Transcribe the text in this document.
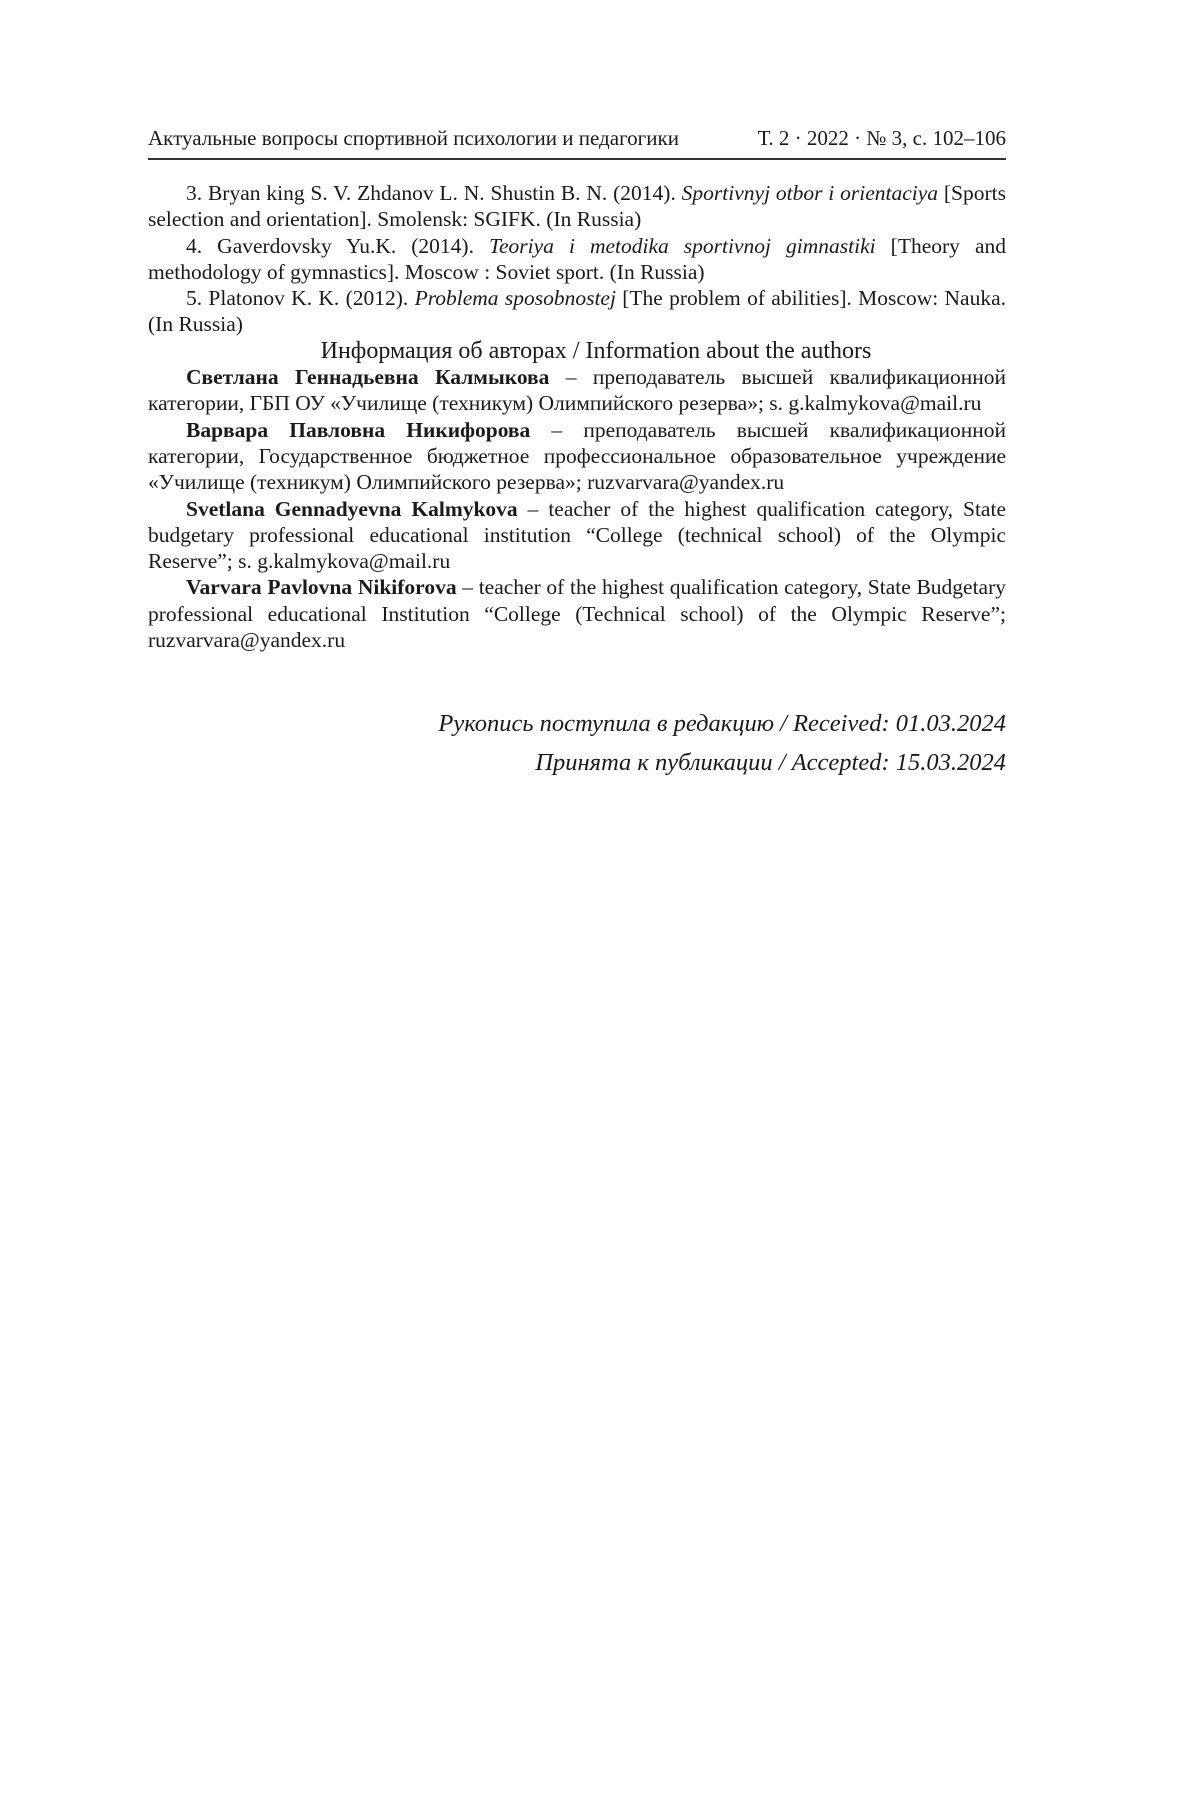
Актуальные вопросы спортивной психологии и педагогики	Т. 2 · 2022 · № 3, с. 102–106

3. Bryan king S. V. Zhdanov L. N. Shustin B. N. (2014). Sportivnyj otbor i orientaciya [Sports selection and orientation]. Smolensk: SGIFK. (In Russia)

4. Gaverdovsky Yu.K. (2014). Teoriya i metodika sportivnoj gimnastiki [Theory and methodology of gymnastics]. Moscow : Soviet sport. (In Russia)

5. Platonov K. K. (2012). Problema sposobnostej [The problem of abilities]. Moscow: Nauka. (In Russia)

Информация об авторах / Information about the authors

Светлана Геннадьевна Калмыкова – преподаватель высшей квалификационной категории, ГБП ОУ «Училище (техникум) Олимпийского резерва»; s. g.kalmykova@mail.ru

Варвара Павловна Никифорова – преподаватель высшей квалификационной категории, Государственное бюджетное профессиональное образовательное учреждение «Училище (техникум) Олимпийского резерва»; ruzvarvara@yandex.ru

Svetlana Gennadyevna Kalmykova – teacher of the highest qualification category, State budgetary professional educational institution “College (technical school) of the Olympic Reserve”; s. g.kalmykova@mail.ru

Varvara Pavlovna Nikiforova – teacher of the highest qualification category, State Budgetary professional educational Institution “College (Technical school) of the Olympic Reserve”; ruzvarvara@yandex.ru

Рукопись поступила в редакцию / Received: 01.03.2024
Принята к публикации / Accepted: 15.03.2024
